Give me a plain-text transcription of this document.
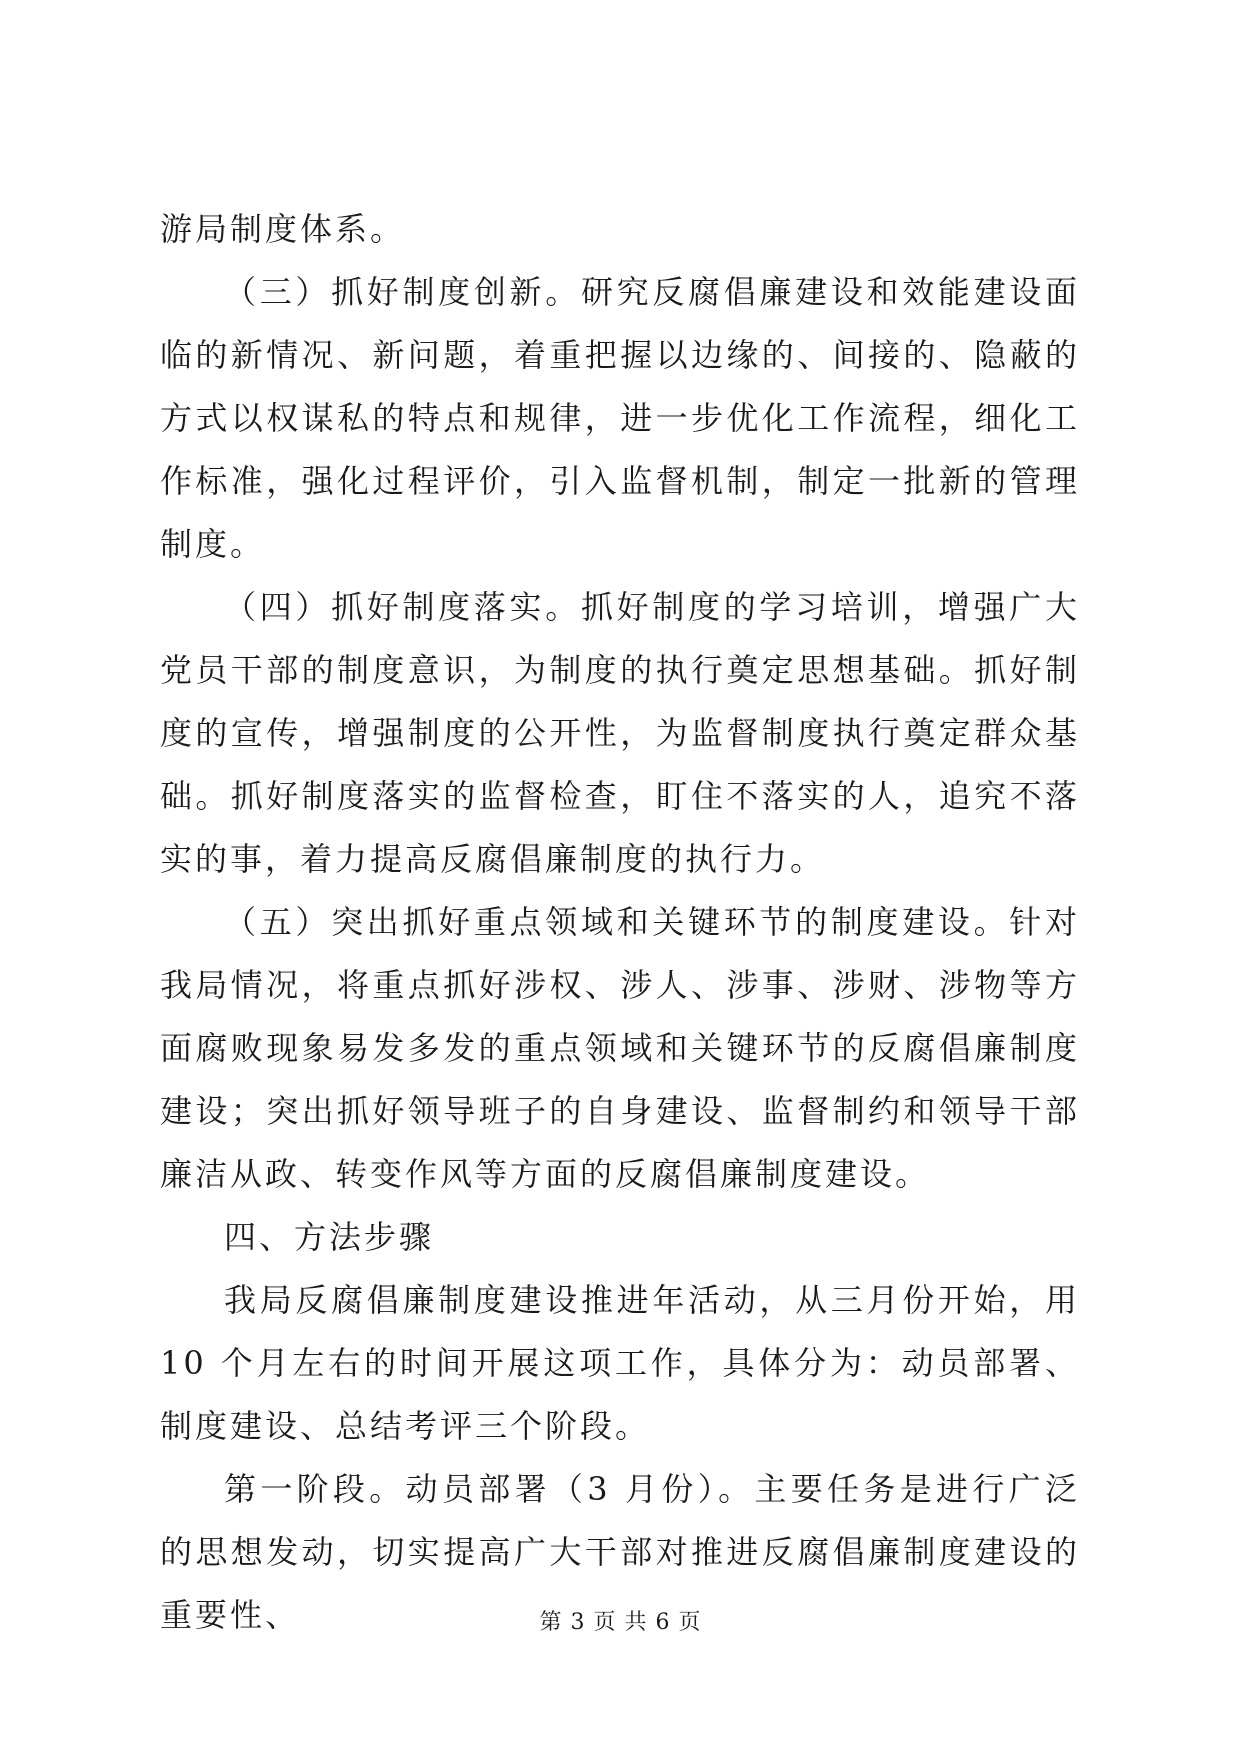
游局制度体系。

（三）抓好制度创新。研究反腐倡廉建设和效能建设面临的新情况、新问题，着重把握以边缘的、间接的、隐蔽的方式以权谋私的特点和规律，进一步优化工作流程，细化工作标准，强化过程评价，引入监督机制，制定一批新的管理制度。

（四）抓好制度落实。抓好制度的学习培训，增强广大党员干部的制度意识，为制度的执行奠定思想基础。抓好制度的宣传，增强制度的公开性，为监督制度执行奠定群众基础。抓好制度落实的监督检查，盯住不落实的人，追究不落实的事，着力提高反腐倡廉制度的执行力。

（五）突出抓好重点领域和关键环节的制度建设。针对我局情况，将重点抓好涉权、涉人、涉事、涉财、涉物等方面腐败现象易发多发的重点领域和关键环节的反腐倡廉制度建设；突出抓好领导班子的自身建设、监督制约和领导干部廉洁从政、转变作风等方面的反腐倡廉制度建设。

四、方法步骤

我局反腐倡廉制度建设推进年活动，从三月份开始，用 10 个月左右的时间开展这项工作，具体分为：动员部署、制度建设、总结考评三个阶段。

第一阶段。动员部署（3 月份）。主要任务是进行广泛的思想发动，切实提高广大干部对推进反腐倡廉制度建设的重要性、	第 3 页 共 6 页
